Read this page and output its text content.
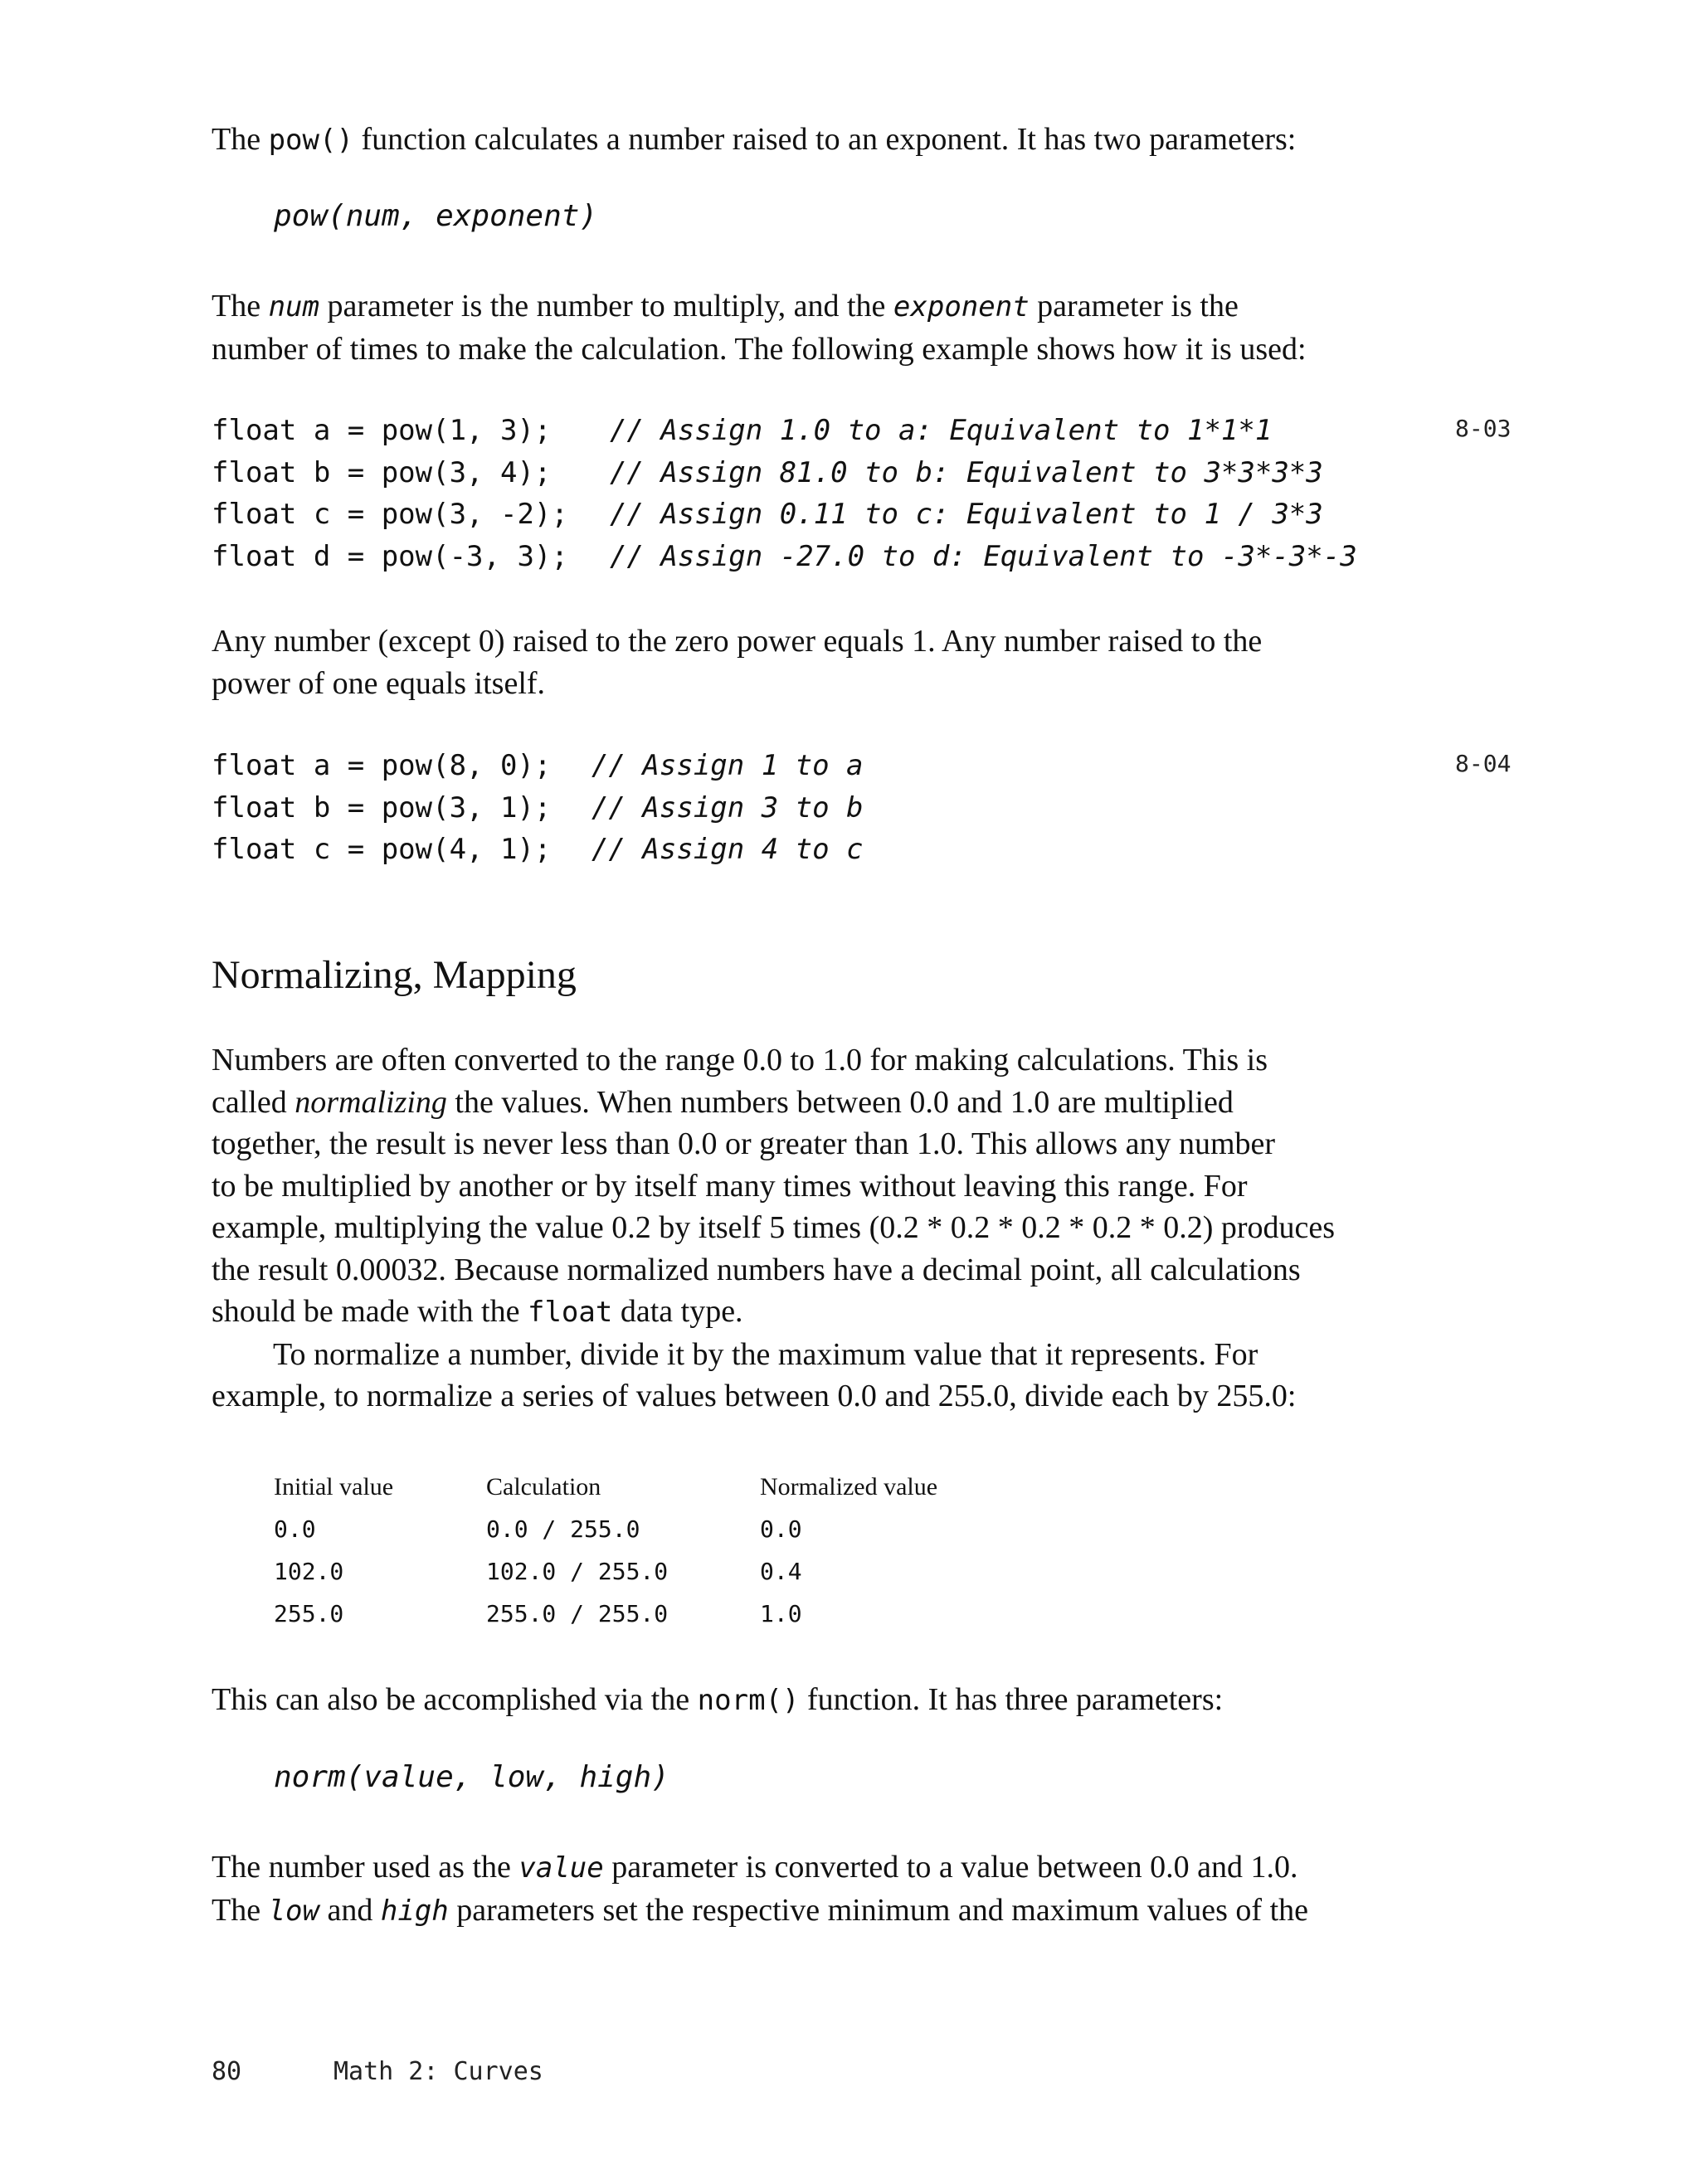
The pow() function calculates a number raised to an exponent. It has two parameters:

pow(num, exponent)

The num parameter is the number to multiply, and the exponent parameter is the
number of times to make the calculation. The following example shows how it is used:

float a = pow(1, 3); // Assign 1.0 to a: Equivalent to 1*1*1
float b = pow(3, 4); // Assign 81.0 to b: Equivalent to 3*3*3*3
float c = pow(3, -2); // Assign 0.11 to c: Equivalent to 1 / 3*3
float d = pow(-3, 3); // Assign -27.0 to d: Equivalent to -3*-3*-3

8-03

Any number (except 0) raised to the zero power equals 1. Any number raised to the
power of one equals itself.

float a = pow(8, 0); // Assign 1 to a
float b = pow(3, 1); // Assign 3 to b
float c = pow(4, 1); // Assign 4 to c

8-04

Normalizing, Mapping

Numbers are often converted to the range 0.0 to 1.0 for making calculations. This is
called normalizing the values. When numbers between 0.0 and 1.0 are multiplied
together, the result is never less than 0.0 or greater than 1.0. This allows any number
to be multiplied by another or by itself many times without leaving this range. For
example, multiplying the value 0.2 by itself 5 times (0.2 * 0.2 * 0.2 * 0.2 * 0.2) produces
the result 0.00032. Because normalized numbers have a decimal point, all calculations
should be made with the float data type.
To normalize a number, divide it by the maximum value that it represents. For
example, to normalize a series of values between 0.0 and 255.0, divide each by 255.0:

Initial value	Calculation	Normalized value
0.0	0.0 / 255.0	0.0
102.0	102.0 / 255.0	0.4
255.0	255.0 / 255.0	1.0

This can also be accomplished via the norm() function. It has three parameters:

norm(value, low, high)

The number used as the value parameter is converted to a value between 0.0 and 1.0.
The low and high parameters set the respective minimum and maximum values of the

80	Math 2: Curves
